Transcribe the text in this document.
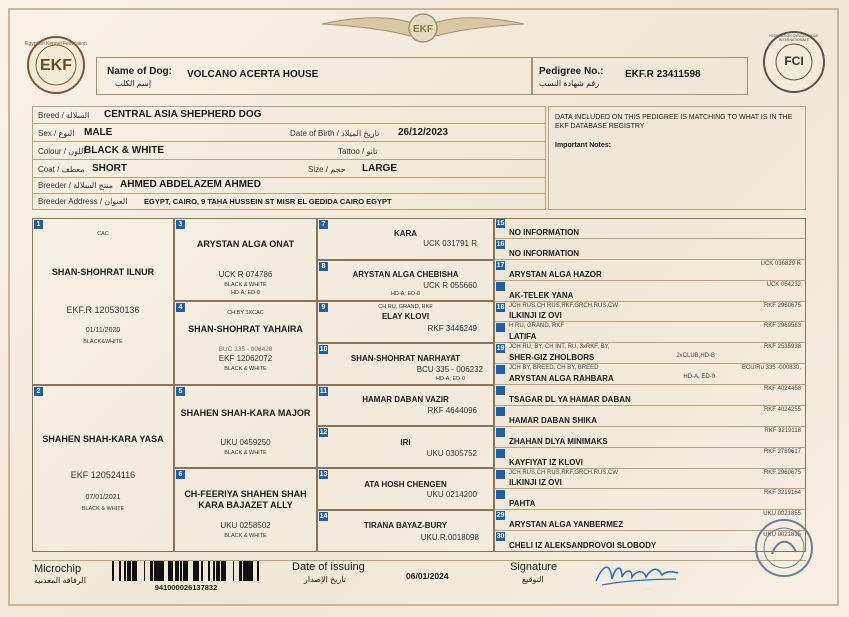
EKF
EKF
Egyptian Kennel Federation
FCI
FEDERATION CYNOLOGIQUE INTERNATIONALE
Name of Dog:
إسم الكلب
VOLCANO ACERTA HOUSE	Pedigree No.:
رقم شهادة النسب
EKF.R 23411598
Breed / السلالة CENTRAL ASIA SHEPHERD DOG
Sex / النوع MALE	Date of Birth / تاريخ الميلاد 26/12/2023
Colour / اللون
BLACK & WHITE	Tattoo / تاتو
Coat / معطف SHORT	Size / حجم LARGE
Breeder / منتج السلالة AHMED ABDELAZEM AHMED
Breeder Address / العنوان EGYPT, CAIRO, 9 TAHA HUSSEIN ST MISR EL GEDIDA CAIRO EGYPT
DATA INCLUDED ON THIS PEDIGREE IS MATCHING TO WHAT IS IN THE EKF DATABASE REGISTRY
Important Notes:
1
CAC
SHAN-SHOHRAT ILNUR
EKF.R 120530136
01/11/2020
BLACK&WHITE
2
SHAHEN SHAH-KARA YASA
EKF 120524116
07/01/2021
BLACK & WHITE
3
ARYSTAN ALGA ONAT
UCK R 074786
BLACK & WHITE
HD-A; ED-0
4
CH.BY 3XCAC
SHAN-SHOHRAT YAHAIRA
BUC 335 - 006428
EKF 12062072
BLACK & WHITE
5
SHAHEN SHAH-KARA MAJOR
UKU 0459250
BLACK & WHITE
6
CH-FEERIYA SHAHEN SHAH KARA BAJAZET ALLY
UKU 0258502
BLACK & WHITE
7
KARA
UCK 031791 R
8
ARYSTAN ALGA CHEBISHA
UCK R 055660
HD-A; ED-0
9	CH RU, GRAND, RKF
ELAY KLOVI
RKF 3446249
10
SHAN-SHOHRAT NARHAYAT
BCU 335 - 006232
HD-A; ED-0
11
HAMAR DABAN VAZIR
RKF 4644096
12
IRI
UKU 0305752
13
ATA HOSH CHENGEN
UKU 0214200
14
TIRANA BAYAZ-BURY
UKU.R.0018098
15
NO INFORMATION
16
NO INFORMATION
17	UCK 036829 R
ARYSTAN ALGA HAZOR
UCK 054232
AK-TELEK YANA
18 JCH RUS,CH RUS,RKF,GRCH.RUS,CW	RKF 2960675
ILKINJI IZ OVI
H RU, GRAND, RKF	RKF 2969563
LATIFA
19 JCH RU, BY, CH INT, RU, 3xRKF, BY,	RKF 2535938
SHER-GIZ ZHOLBORS	2xCLUB,HD-B
JCH BY, BREED, CH BY, BREED	BCU/Ru 335 -000830,
ARYSTAN ALGA RAHBARA	HD-A, ED-0
RKF 4024458
TSAGAR DL YA HAMAR DABAN
RKF 4024255
HAMAR DABAN SHIKA
RKF 3219118
ZHAHAN DLYA MINIMAKS
RKF 2789617
KAYFIYAT IZ KLOVI
JCH RUS,CH RUS,RKF,GRCH.RUS,CW	RKF 2960675
ILKINJI IZ OVI
RKF 3219164
PAHTA
29	UKU 0021855
ARYSTAN ALGA YANBERMEZ
30	UKU 0021835
CHELI IZ ALEKSANDROVOI SLOBODY
Microchip
الرقاقه المعدنيه
941000026137832
Date of issuing
تاريخ الإصدار	06/01/2024
Signature
التوقيع
